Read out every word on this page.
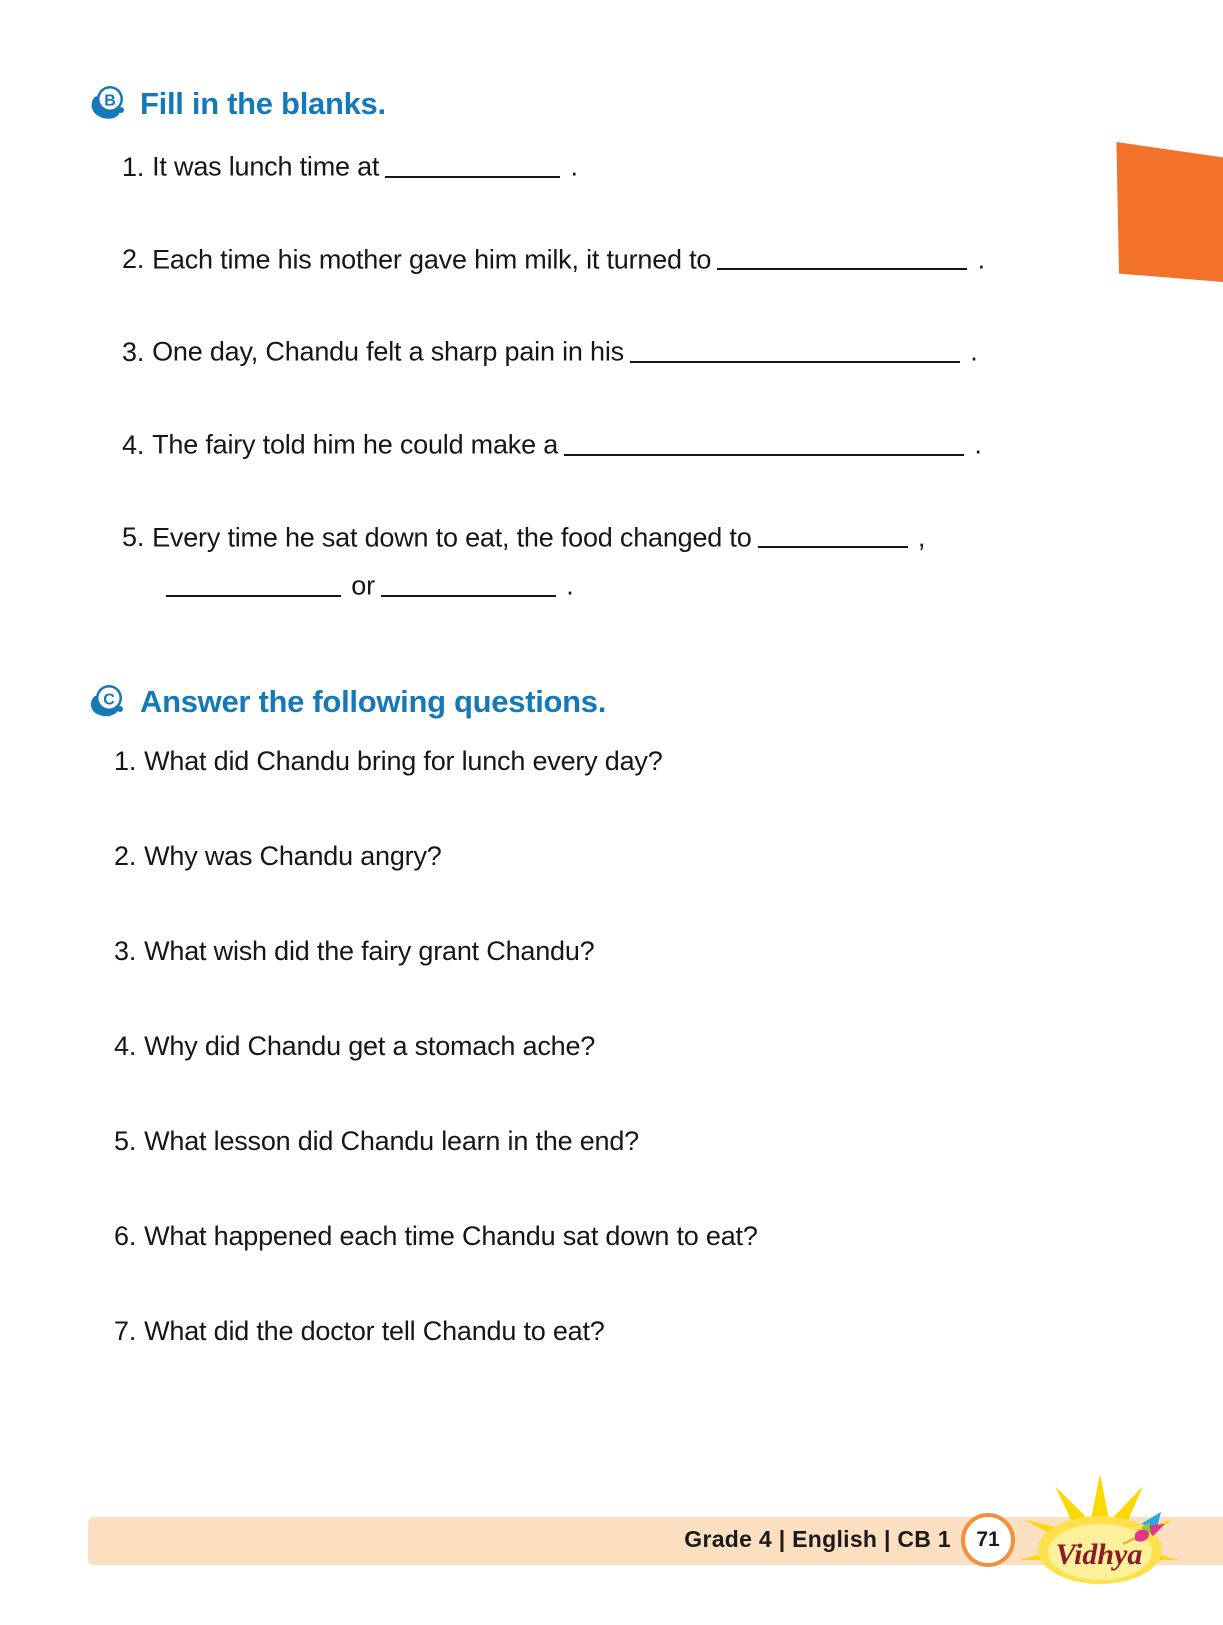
B Fill in the blanks.
1. It was lunch time at	.
2. Each time his mother gave him milk, it turned to	.
3. One day, Chandu felt a sharp pain in his	.
4. The fairy told him he could make a	.
5. Every time he sat down to eat, the food changed to	,
or	.
C Answer the following questions.
1. What did Chandu bring for lunch every day?
2. Why was Chandu angry?
3. What wish did the fairy grant Chandu?
4. Why did Chandu get a stomach ache?
5. What lesson did Chandu learn in the end?
6. What happened each time Chandu sat down to eat?
7. What did the doctor tell Chandu to eat?
Grade 4 | English | CB 1 71 Vidhya
